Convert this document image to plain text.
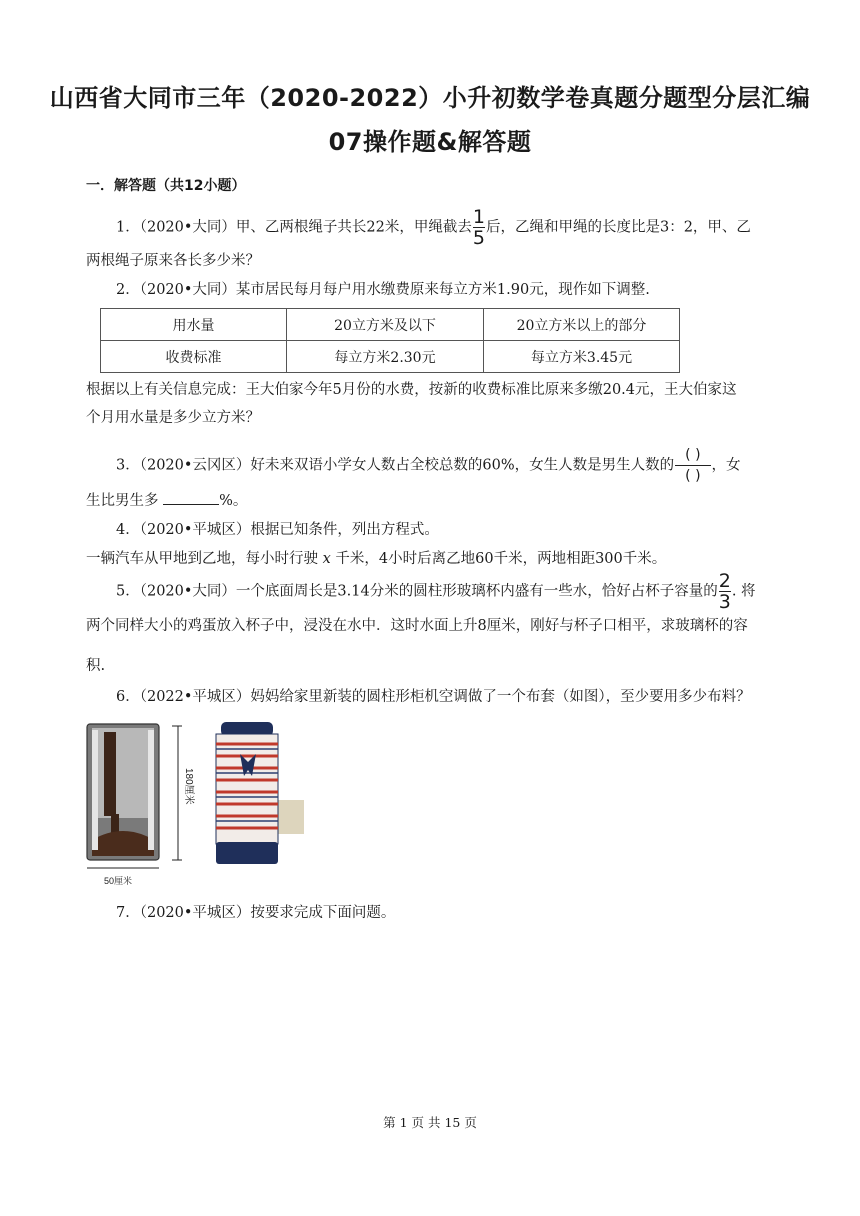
山西省大同市三年（2020-2022）小升初数学卷真题分题型分层汇编
07操作题&解答题
一．解答题（共12小题）
1．（2020•大同）甲、乙两根绳子共长22米，甲绳截去 $\frac{1}{5}$ 后，乙绳和甲绳的长度比是3：2，甲、乙
两根绳子原来各长多少米？
2．（2020•大同）某市居民每月每户用水缴费原来每立方米1.90元，现作如下调整.
用水量	20立方米及以下	20立方米以上的部分
收费标准	每立方米2.30元	每立方米3.45元
根据以上有关信息完成：王大伯家今年5月份的水费，按新的收费标准比原来多缴20.4元，王大伯家这
个月用水量是多少立方米？
3．（2020•云冈区）好未来双语小学女人数占全校总数的60%，女生人数是男生人数的 $\frac{( )}{( )}$ ，女
生比男生多	%。
4．（2020•平城区）根据已知条件，列出方程式。
一辆汽车从甲地到乙地，每小时行驶 x 千米，4小时后离乙地60千米，两地相距300千米。
5．（2020•大同）一个底面周长是3.14分米的圆柱形玻璃杯内盛有一些水，恰好占杯子容量的 $\frac{2}{3}$ . 将
两个同样大小的鸡蛋放入杯子中，浸没在水中．这时水面上升8厘米，刚好与杯子口相平，求玻璃杯的容
积.
6．（2022•平城区）妈妈给家里新装的圆柱形柜机空调做了一个布套（如图），至少要用多少布料？
180厘米
50厘米
7．（2020•平城区）按要求完成下面问题。
第 1 页 共 15 页
